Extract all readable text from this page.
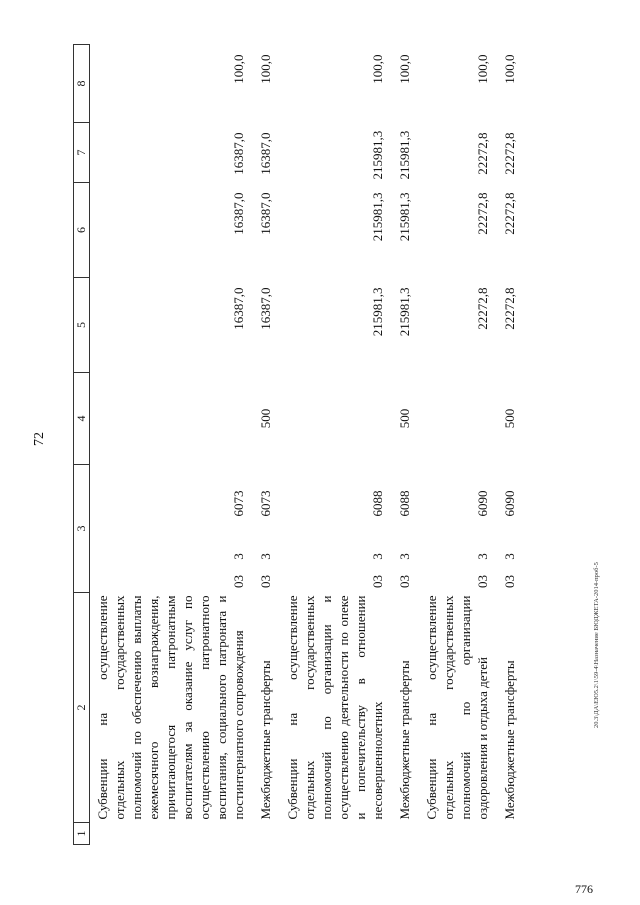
72
1	2	3			4	5	6	7	8
	Субвенции на осуществление отдельных государственных полномочий по обеспечению выплаты ежемесячного вознаграждения, причитающегося патронатным воспитателям за оказание услуг по осуществлению патронатного воспитания, социального патроната и постинтернатного сопровождения	03	3	6073		16387,0	16387,0	16387,0	100,0
	Межбюджетные трансферты	03	3	6073	500	16387,0	16387,0	16387,0	100,0
	Субвенции на осуществление отдельных государственных полномочий по организации и осуществлению деятельности по опеке и попечительству в отношении несовершеннолетних	03	3	6088		215981,3	215981,3	215981,3	100,0
	Межбюджетные трансферты	03	3	6088	500	215981,3	215981,3	215981,3	100,0
	Субвенции на осуществление отдельных государственных полномочий по организации оздоровления и отдыха детей	03	3	6090		22272,8	22272,8	22272,8	100,0
	Межбюджетные трансферты	03	3	6090	500	22272,8	22272,8	22272,8	100,0
20.3\ДА\ЕЮ5.2\1\59-4\Назначение БЮДЖЕТА-2014-проб-5
776
